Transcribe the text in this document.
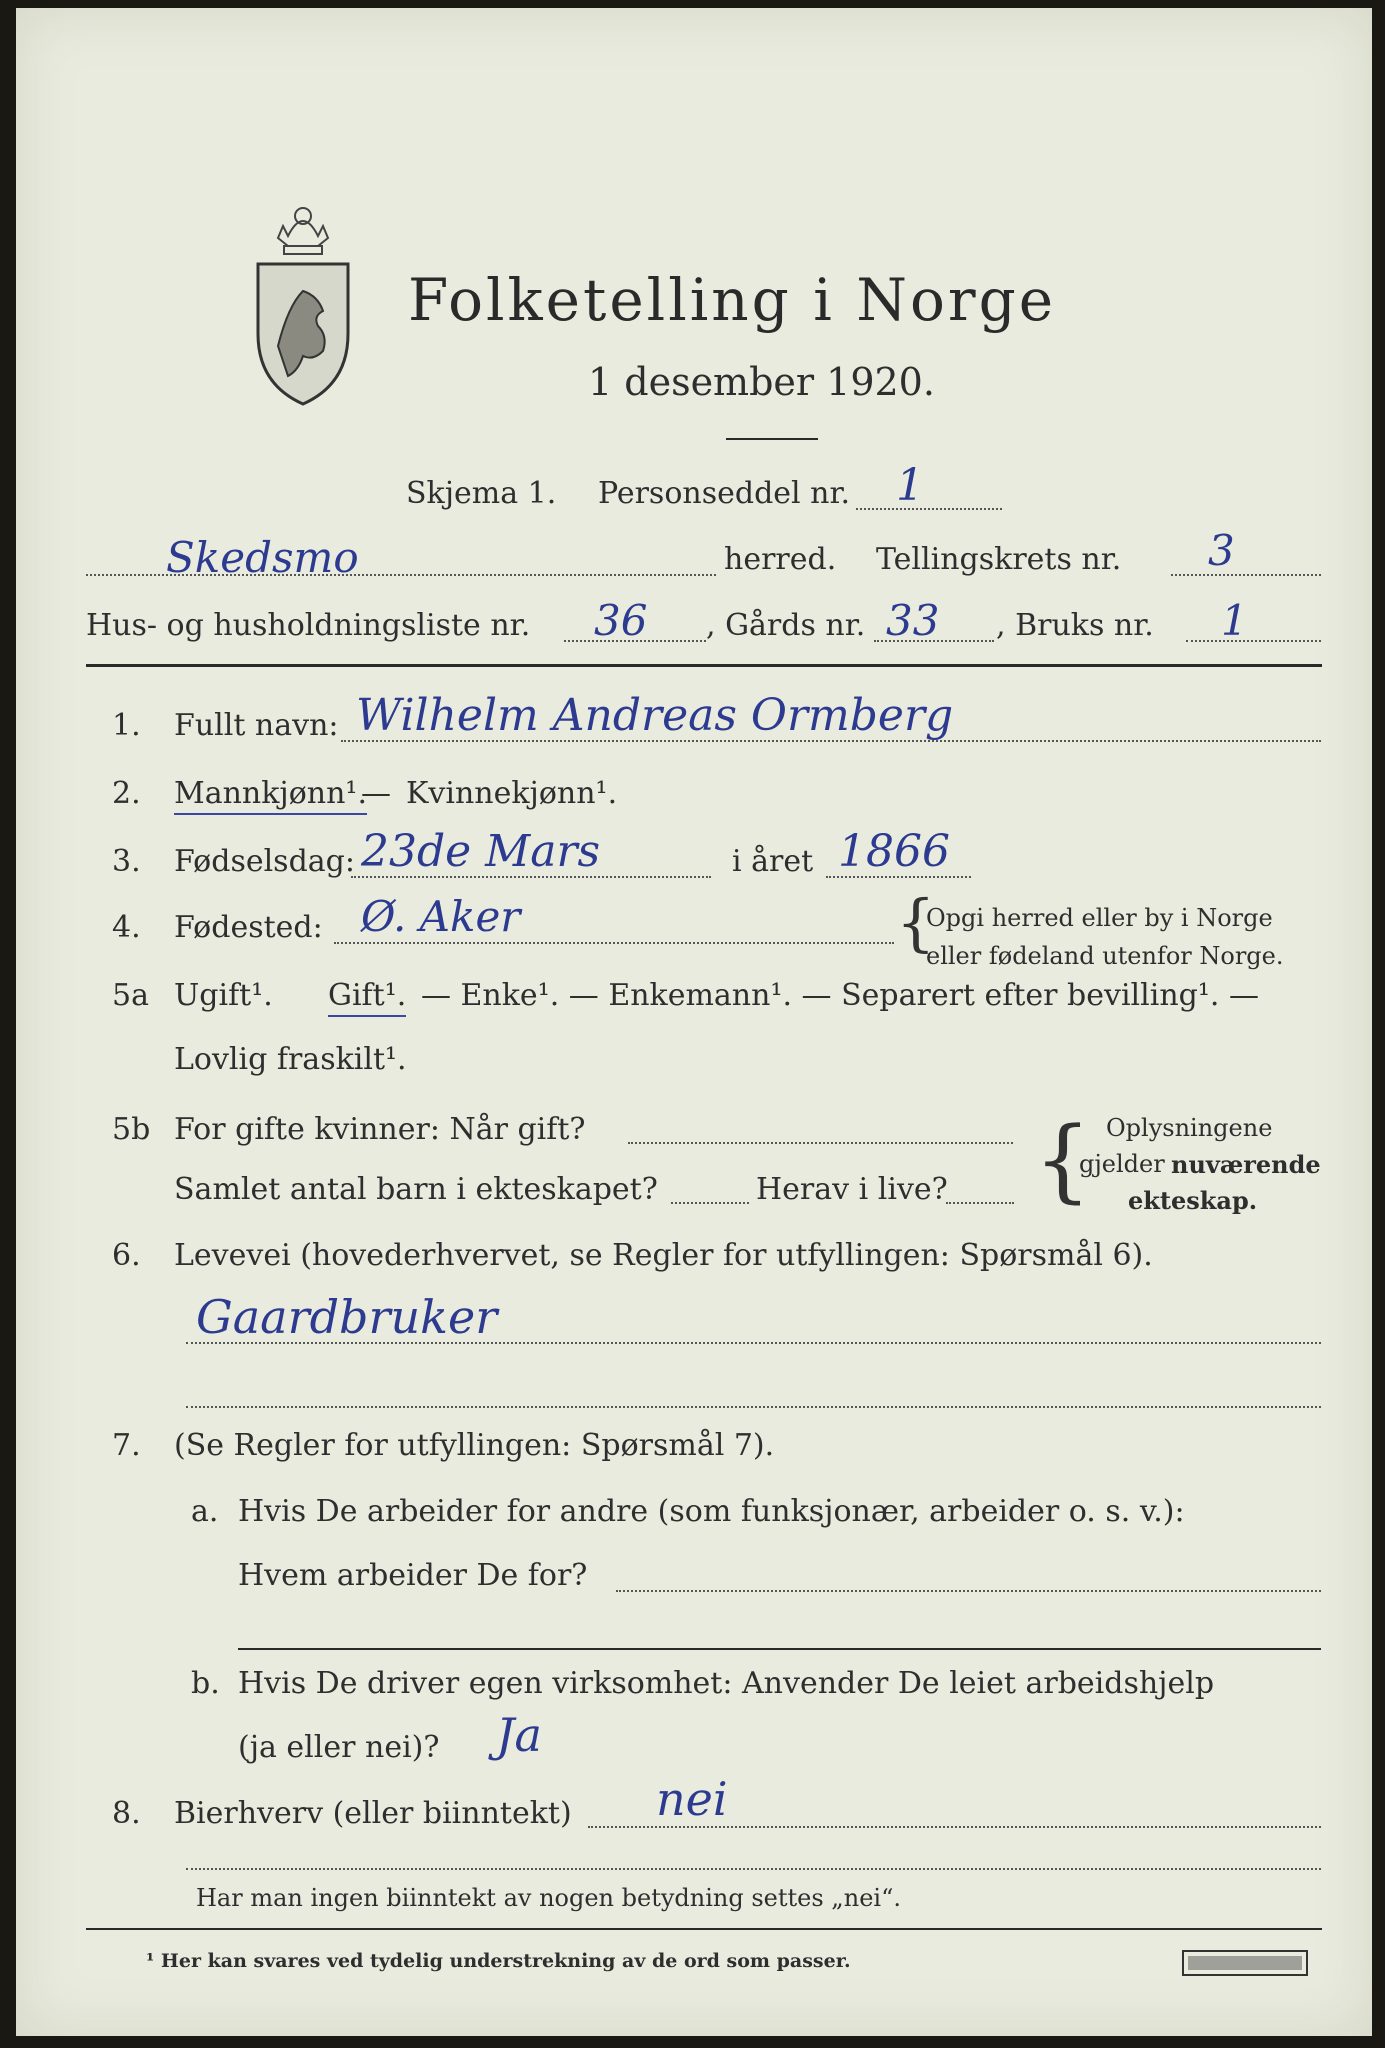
Folketelling i Norge
1 desember 1920.
Skjema 1. Personseddel nr. 1
Skedsmo	herred. Tellingskrets nr. 3
Hus- og husholdningsliste nr. 36 , Gårds nr. 33 , Bruks nr. 1
1. Fullt navn: Wilhelm Andreas Ormberg
2. Mannkjønn¹.
— Kvinnekjønn¹.
3. Fødselsdag: 23de Mars	i året 1866
4. Fødested: Ø. Aker	{
Opgi herred eller by i Norge
eller fødeland utenfor Norge.
5a Ugift¹. Gift¹. — Enke¹. — Enkemann¹. — Separert efter bevilling¹. —
Lovlig fraskilt¹.
5b For gifte kvinner: Når gift?
Samlet antal barn i ekteskapet?	Herav i live? { Oplysningene
gjelder nuværende
ekteskap.
6. Levevei (hovederhvervet, se Regler for utfyllingen: Spørsmål 6).
Gaardbruker
7. (Se Regler for utfyllingen: Spørsmål 7).
a. Hvis De arbeider for andre (som funksjonær, arbeider o. s. v.):
Hvem arbeider De for?
b. Hvis De driver egen virksomhet: Anvender De leiet arbeidshjelp
(ja eller nei)? Ja
8. Bierhverv (eller biinntekt) nei
Har man ingen biinntekt av nogen betydning settes „nei“.
¹ Her kan svares ved tydelig understrekning av de ord som passer.
